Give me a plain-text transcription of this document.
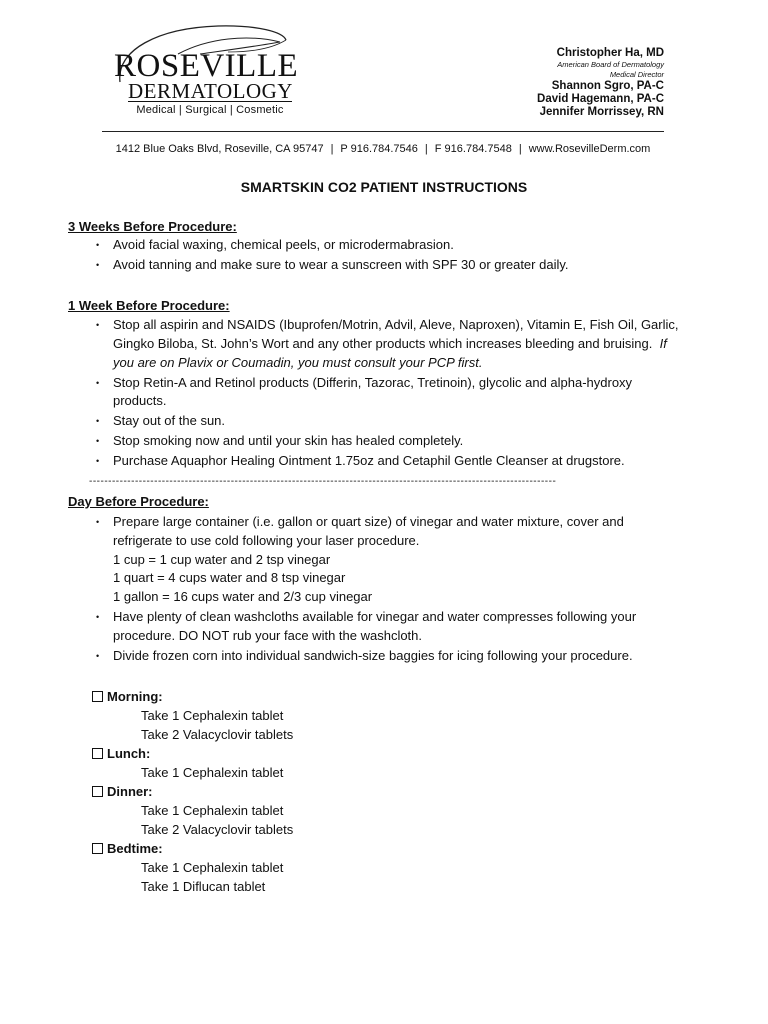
ROSEVILLE
DERMATOLOGY
Medical | Surgical | Cosmetic
Christopher Ha, MD
American Board of Dermatology
Medical Director
Shannon Sgro, PA-C
David Hagemann, PA-C
Jennifer Morrissey, RN
1412 Blue Oaks Blvd, Roseville, CA 95747 | P 916.784.7546 | F 916.784.7548 | www.RosevilleDerm.com
SMARTSKIN CO2 PATIENT INSTRUCTIONS
3 Weeks Before Procedure:
• Avoid facial waxing, chemical peels, or microdermabrasion.
• Avoid tanning and make sure to wear a sunscreen with SPF 30 or greater daily.
1 Week Before Procedure:
• Stop all aspirin and NSAIDS (Ibuprofen/Motrin, Advil, Aleve, Naproxen), Vitamin E, Fish Oil, Garlic, Gingko Biloba, St. John’s Wort and any other products which increases bleeding and bruising. If you are on Plavix or Coumadin, you must consult your PCP first.
• Stop Retin-A and Retinol products (Differin, Tazorac, Tretinoin), glycolic and alpha-hydroxy products.
• Stay out of the sun.
• Stop smoking now and until your skin has healed completely.
• Purchase Aquaphor Healing Ointment 1.75oz and Cetaphil Gentle Cleanser at drugstore.
--------------------------------------------------------------------------------------------------------------------------
Day Before Procedure:
• Prepare large container (i.e. gallon or quart size) of vinegar and water mixture, cover and refrigerate to use cold following your laser procedure.
1 cup = 1 cup water and 2 tsp vinegar
1 quart = 4 cups water and 8 tsp vinegar
1 gallon = 16 cups water and 2/3 cup vinegar
• Have plenty of clean washcloths available for vinegar and water compresses following your procedure. DO NOT rub your face with the washcloth.
• Divide frozen corn into individual sandwich-size baggies for icing following your procedure.
Morning:
Take 1 Cephalexin tablet
Take 2 Valacyclovir tablets
Lunch:
Take 1 Cephalexin tablet
Dinner:
Take 1 Cephalexin tablet
Take 2 Valacyclovir tablets
Bedtime:
Take 1 Cephalexin tablet
Take 1 Diflucan tablet
